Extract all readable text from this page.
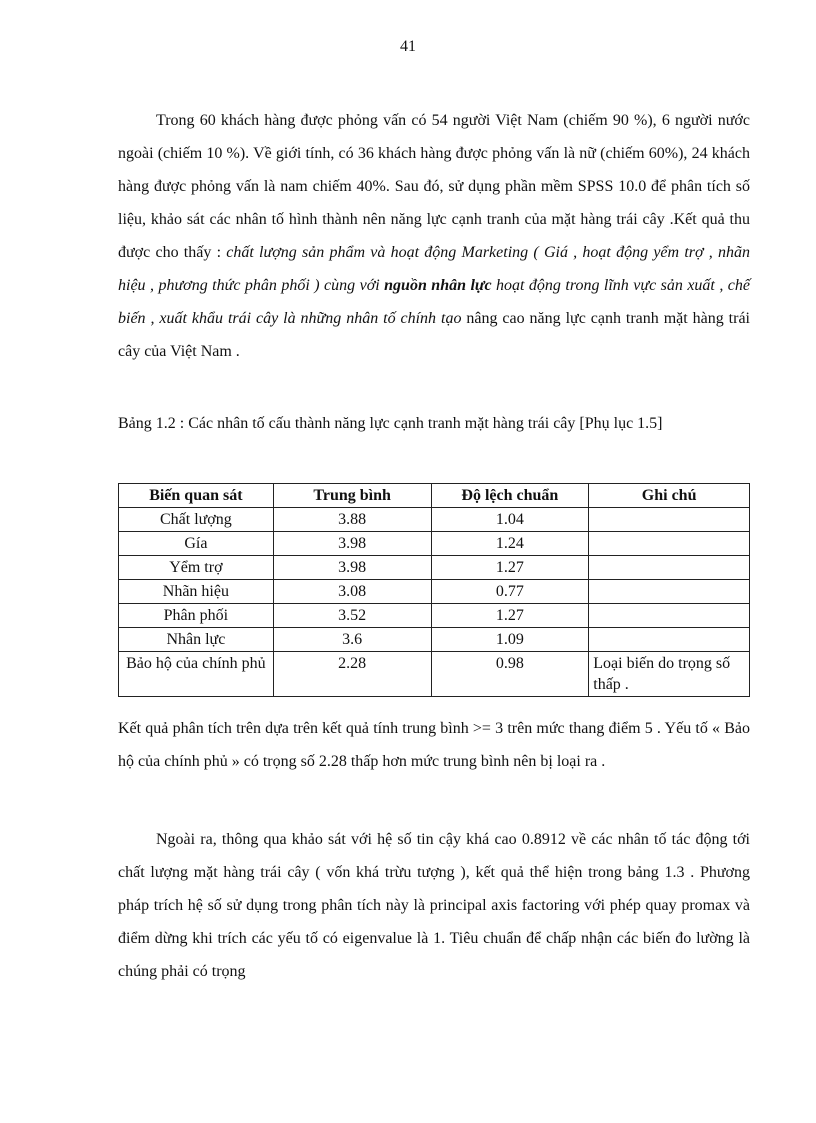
41

Trong 60 khách hàng được phỏng vấn có 54 người Việt Nam (chiếm 90 %), 6 người nước ngoài (chiếm 10 %). Về giới tính, có 36 khách hàng được phỏng vấn là nữ (chiếm 60%), 24 khách hàng được phỏng vấn là nam chiếm 40%. Sau đó, sử dụng phần mềm SPSS 10.0 để phân tích số liệu, khảo sát các nhân tố hình thành nên năng lực cạnh tranh của mặt hàng trái cây .Kết quả thu được cho thấy : chất lượng sản phẩm và hoạt động Marketing ( Giá , hoạt động yểm trợ , nhãn hiệu , phương thức phân phối ) cùng với nguồn nhân lực hoạt động trong lĩnh vực sản xuất , chế biến , xuất khẩu trái cây là những nhân tố chính tạo nâng cao năng lực cạnh tranh mặt hàng trái cây của Việt Nam .

Bảng 1.2 : Các nhân tố cấu thành năng lực cạnh tranh mặt hàng trái cây [Phụ lục 1.5]

Biến quan sát	Trung bình	Độ lệch chuẩn	Ghi chú
Chất lượng	3.88	1.04	
Gía	3.98	1.24	
Yểm trợ	3.98	1.27	
Nhãn hiệu	3.08	0.77	
Phân phối	3.52	1.27	
Nhân lực	3.6	1.09	
Bảo hộ của chính phủ	2.28	0.98	Loại biến do trọng số thấp .

Kết quả phân tích trên dựa trên kết quả tính trung bình >= 3 trên mức thang điểm 5 . Yếu tố « Bảo hộ của chính phủ » có trọng số 2.28 thấp hơn mức trung bình nên bị loại ra .

Ngoài ra, thông qua khảo sát với hệ số tin cậy khá cao 0.8912 về các nhân tố tác động tới chất lượng mặt hàng trái cây ( vốn khá trừu tượng ), kết quả thể hiện trong bảng 1.3 . Phương pháp trích hệ số sử dụng trong phân tích này là principal axis factoring với phép quay promax và điểm dừng khi trích các yếu tố có eigenvalue là 1. Tiêu chuẩn để chấp nhận các biến đo lường là chúng phải có trọng
